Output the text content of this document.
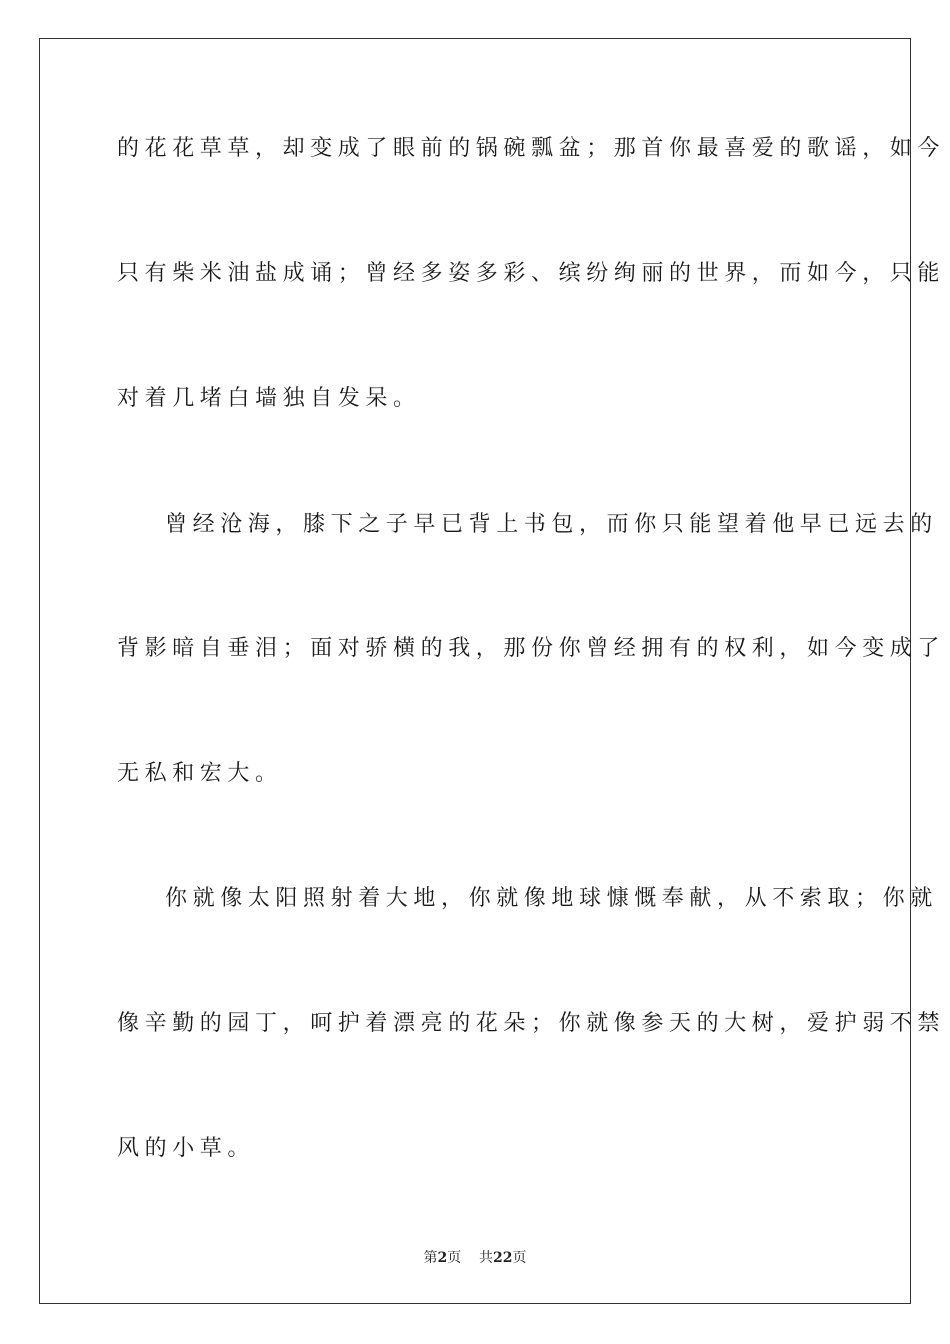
的花花草草，却变成了眼前的锅碗瓢盆；那首你最喜爱的歌谣，如今
只有柴米油盐成诵；曾经多姿多彩、缤纷绚丽的世界，而如今，只能
对着几堵白墙独自发呆。
曾经沧海，膝下之子早已背上书包，而你只能望着他早已远去的
背影暗自垂泪；面对骄横的我，那份你曾经拥有的权利，如今变成了
无私和宏大。
你就像太阳照射着大地，你就像地球慷慨奉献，从不索取；你就
像辛勤的园丁，呵护着漂亮的花朵；你就像参天的大树，爱护弱不禁
风的小草。
第2页 共22页
